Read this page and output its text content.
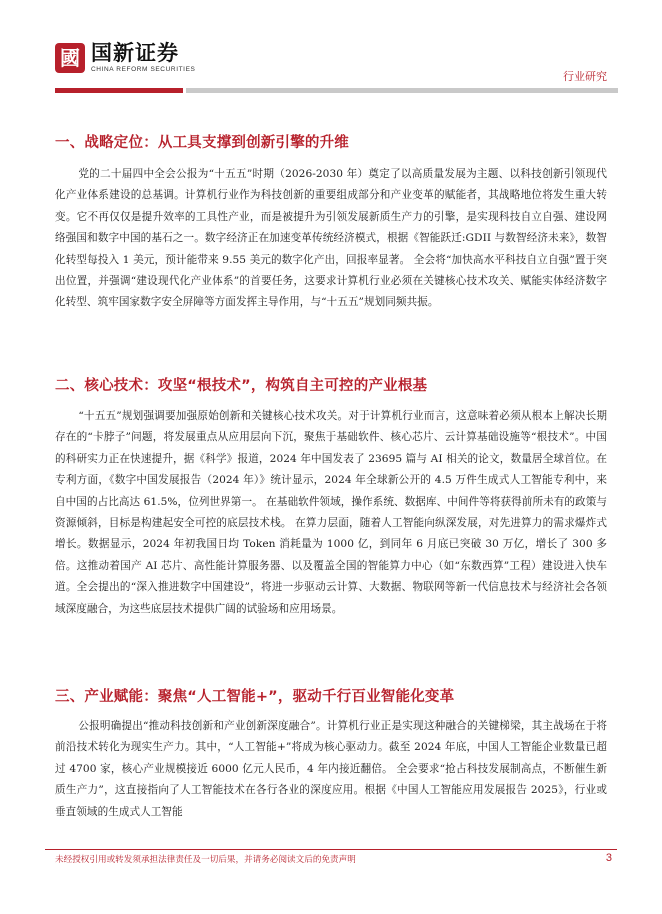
國 国新证券
CHINA REFORM SECURITIES
行业研究
一、战略定位：从工具支撑到创新引擎的升维
党的二十届四中全会公报为“十五五”时期（2026-2030 年）奠定了以高质量发展为主题、以科技创新引领现代化产业体系建设的总基调。计算机行业作为科技创新的重要组成部分和产业变革的赋能者，其战略地位将发生重大转变。它不再仅仅是提升效率的工具性产业，而是被提升为引领发展新质生产力的引擎，是实现科技自立自强、建设网络强国和数字中国的基石之一。数字经济正在加速变革传统经济模式，根据《智能跃迁:GDII 与数智经济未来》，数智化转型每投入 1 美元，预计能带来 9.55 美元的数字化产出，回报率显著。 全会将“加快高水平科技自立自强”置于突出位置，并强调“建设现代化产业体系”的首要任务，这要求计算机行业必须在关键核心技术攻关、赋能实体经济数字化转型、筑牢国家数字安全屏障等方面发挥主导作用，与“十五五”规划同频共振。
二、核心技术：攻坚“根技术”，构筑自主可控的产业根基
“十五五”规划强调要加强原始创新和关键核心技术攻关。对于计算机行业而言，这意味着必须从根本上解决长期存在的“卡脖子”问题，将发展重点从应用层向下沉，聚焦于基础软件、核心芯片、云计算基础设施等“根技术”。中国的科研实力正在快速提升，据《科学》报道，2024 年中国发表了 23695 篇与 AI 相关的论文，数量居全球首位。在专利方面，《数字中国发展报告（2024 年）》统计显示，2024 年全球新公开的 4.5 万件生成式人工智能专利中，来自中国的占比高达 61.5%，位列世界第一。 在基础软件领域，操作系统、数据库、中间件等将获得前所未有的政策与资源倾斜，目标是构建起安全可控的底层技术栈。 在算力层面，随着人工智能向纵深发展，对先进算力的需求爆炸式增长。数据显示，2024 年初我国日均 Token 消耗量为 1000 亿，到同年 6 月底已突破 30 万亿，增长了 300 多倍。这推动着国产 AI 芯片、高性能计算服务器、以及覆盖全国的智能算力中心（如“东数西算”工程）建设进入快车道。全会提出的“深入推进数字中国建设”，将进一步驱动云计算、大数据、物联网等新一代信息技术与经济社会各领域深度融合，为这些底层技术提供广阔的试验场和应用场景。
三、产业赋能：聚焦“人工智能+”，驱动千行百业智能化变革
公报明确提出“推动科技创新和产业创新深度融合”。计算机行业正是实现这种融合的关键梯梁，其主战场在于将前沿技术转化为现实生产力。其中，“人工智能+”将成为核心驱动力。截至 2024 年底，中国人工智能企业数量已超过 4700 家，核心产业规模接近 6000 亿元人民币，4 年内接近翻倍。 全会要求“抢占科技发展制高点，不断催生新质生产力”，这直接指向了人工智能技术在各行各业的深度应用。根据《中国人工智能应用发展报告 2025》，行业或垂直领域的生成式人工智能
未经授权引用或转发须承担法律责任及一切后果，并请务必阅读文后的免责声明	3
